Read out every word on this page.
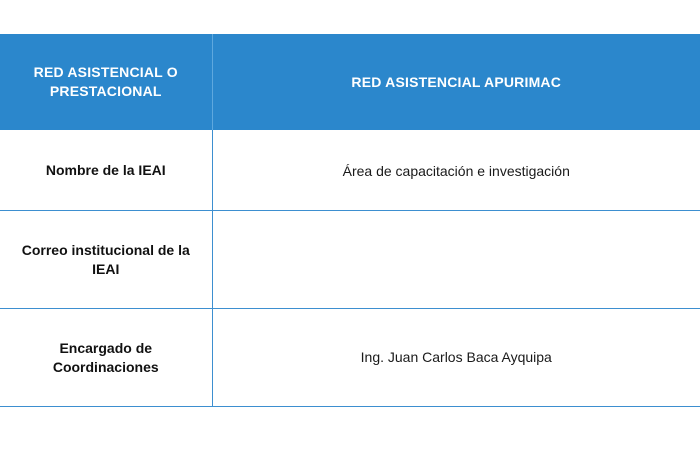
RED ASISTENCIAL O PRESTACIONAL	RED ASISTENCIAL APURIMAC
Nombre de la IEAI	Área de capacitación e investigación
Correo institucional de la IEAI	
Encargado de Coordinaciones	Ing. Juan Carlos Baca Ayquipa
